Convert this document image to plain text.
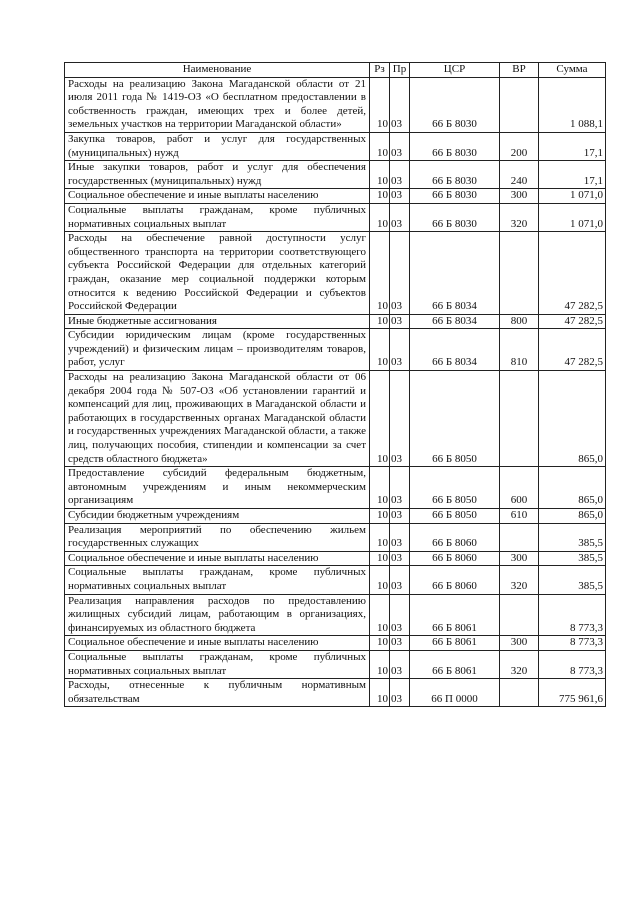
Наименование	Рз	Пр	ЦСР	ВР	Сумма
Расходы на реализацию Закона Магаданской области от 21 июля 2011 года № 1419-ОЗ «О бесплатном предоставлении в собственность граждан, имеющих трех и более детей, земельных участков на территории Магаданской области»	10	03	66 Б 8030		1 088,1
Закупка товаров, работ и услуг для государственных (муниципальных) нужд	10	03	66 Б 8030	200	17,1
Иные закупки товаров, работ и услуг для обеспечения государственных (муниципальных) нужд	10	03	66 Б 8030	240	17,1
Социальное обеспечение и иные выплаты населению	10	03	66 Б 8030	300	1 071,0
Социальные выплаты гражданам, кроме публичных нормативных социальных выплат	10	03	66 Б 8030	320	1 071,0
Расходы на обеспечение равной доступности услуг общественного транспорта на территории соответствующего субъекта Российской Федерации для отдельных категорий граждан, оказание мер социальной поддержки которым относится к ведению Российской Федерации и субъектов Российской Федерации	10	03	66 Б 8034		47 282,5
Иные бюджетные ассигнования	10	03	66 Б 8034	800	47 282,5
Субсидии юридическим лицам (кроме государственных учреждений) и физическим лицам – производителям товаров, работ, услуг	10	03	66 Б 8034	810	47 282,5
Расходы на реализацию Закона Магаданской области от 06 декабря 2004 года № 507-ОЗ «Об установлении гарантий и компенсаций для лиц, проживающих в Магаданской области и работающих в государственных органах Магаданской области и государственных учреждениях Магаданской области, а также лиц, получающих пособия, стипендии и компенсации за счет средств областного бюджета»	10	03	66 Б 8050		865,0
Предоставление субсидий федеральным бюджетным, автономным учреждениям и иным некоммерческим организациям	10	03	66 Б 8050	600	865,0
Субсидии бюджетным учреждениям	10	03	66 Б 8050	610	865,0
Реализация мероприятий по обеспечению жильем государственных служащих	10	03	66 Б 8060		385,5
Социальное обеспечение и иные выплаты населению	10	03	66 Б 8060	300	385,5
Социальные выплаты гражданам, кроме публичных нормативных социальных выплат	10	03	66 Б 8060	320	385,5
Реализация направления расходов по предоставлению жилищных субсидий лицам, работающим в организациях, финансируемых из областного бюджета	10	03	66 Б 8061		8 773,3
Социальное обеспечение и иные выплаты населению	10	03	66 Б 8061	300	8 773,3
Социальные выплаты гражданам, кроме публичных нормативных социальных выплат	10	03	66 Б 8061	320	8 773,3
Расходы, отнесенные к публичным нормативным обязательствам	10	03	66 П 0000		775 961,6
